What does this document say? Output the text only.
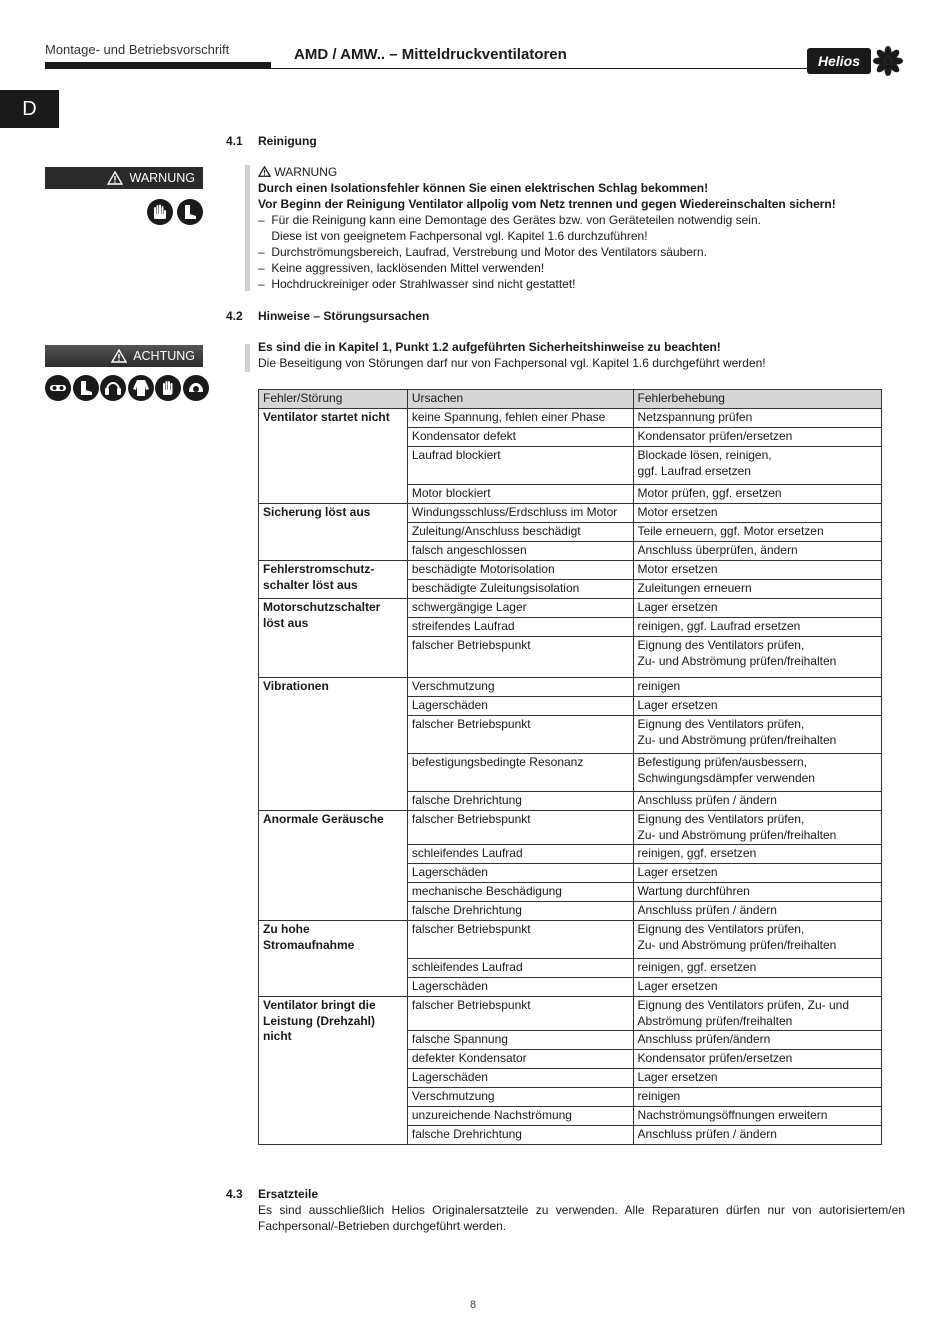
Montage- und Betriebsvorschrift	AMD / AMW.. – Mitteldruckventilatoren	Helios
D
4.1 Reinigung
WARNUNG
	WARNUNG
Durch einen Isolationsfehler können Sie einen elektrischen Schlag bekommen!
Vor Beginn der Reinigung Ventilator allpolig vom Netz trennen und gegen Wiedereinschalten sichern!
–  Für die Reinigung kann eine Demontage des Gerätes bzw. von Geräteteilen notwendig sein.
Diese ist von geeignetem Fachpersonal vgl. Kapitel 1.6 durchzuführen!
–  Durchströmungsbereich, Laufrad, Verstrebung und Motor des Ventilators säubern.
–  Keine aggressiven, lacklösenden Mittel verwenden!
–  Hochdruckreiniger oder Strahlwasser sind nicht gestattet!
4.2 Hinweise – Störungsursachen
ACHTUNG
Es sind die in Kapitel 1, Punkt 1.2 aufgeführten Sicherheitshinweise zu beachten!
Die Beseitigung von Störungen darf nur von Fachpersonal vgl. Kapitel 1.6 durchgeführt werden!
Fehler/Störung	Ursachen	Fehlerbehebung
Ventilator startet nicht	keine Spannung, fehlen einer Phase	Netzspannung prüfen
	Kondensator defekt	Kondensator prüfen/ersetzen
	Laufrad blockiert	Blockade lösen, reinigen,
ggf. Laufrad ersetzen
	Motor blockiert	Motor prüfen, ggf. ersetzen
Sicherung löst aus	Windungsschluss/Erdschluss im Motor	Motor ersetzen
	Zuleitung/Anschluss beschädigt	Teile erneuern, ggf. Motor ersetzen
	falsch angeschlossen	Anschluss überprüfen, ändern
Fehlerstromschutz-
schalter löst aus	beschädigte Motorisolation	Motor ersetzen
	beschädigte Zuleitungsisolation	Zuleitungen erneuern
Motorschutzschalter
löst aus	schwergängige Lager	Lager ersetzen
	streifendes Laufrad	reinigen, ggf. Laufrad ersetzen
	falscher Betriebspunkt	Eignung des Ventilators prüfen,
Zu- und Abströmung prüfen/freihalten
Vibrationen	Verschmutzung	reinigen
	Lagerschäden	Lager ersetzen
	falscher Betriebspunkt	Eignung des Ventilators prüfen,
Zu- und Abströmung prüfen/freihalten
	befestigungsbedingte Resonanz	Befestigung prüfen/ausbessern,
Schwingungsdämpfer verwenden
	falsche Drehrichtung	Anschluss prüfen / ändern
Anormale Geräusche	falscher Betriebspunkt	Eignung des Ventilators prüfen,
Zu- und Abströmung prüfen/freihalten
	schleifendes Laufrad	reinigen, ggf. ersetzen
	Lagerschäden	Lager ersetzen
	mechanische Beschädigung	Wartung durchführen
	falsche Drehrichtung	Anschluss prüfen / ändern
Zu hohe
Stromaufnahme	falscher Betriebspunkt	Eignung des Ventilators prüfen,
Zu- und Abströmung prüfen/freihalten
	schleifendes Laufrad	reinigen, ggf. ersetzen
	Lagerschäden	Lager ersetzen
Ventilator bringt die
Leistung (Drehzahl)
nicht	falscher Betriebspunkt	Eignung des Ventilators prüfen, Zu- und
Abströmung prüfen/freihalten
	falsche Spannung	Anschluss prüfen/ändern
	defekter Kondensator	Kondensator prüfen/ersetzen
	Lagerschäden	Lager ersetzen
	Verschmutzung	reinigen
	unzureichende Nachströmung	Nachströmungsöffnungen erweitern
	falsche Drehrichtung	Anschluss prüfen / ändern
4.3 Ersatzteile
Es sind ausschließlich Helios Originalersatzteile zu verwenden. Alle Reparaturen dürfen nur von autorisiertem/en Fachpersonal/-Betrieben durchgeführt werden.
8
